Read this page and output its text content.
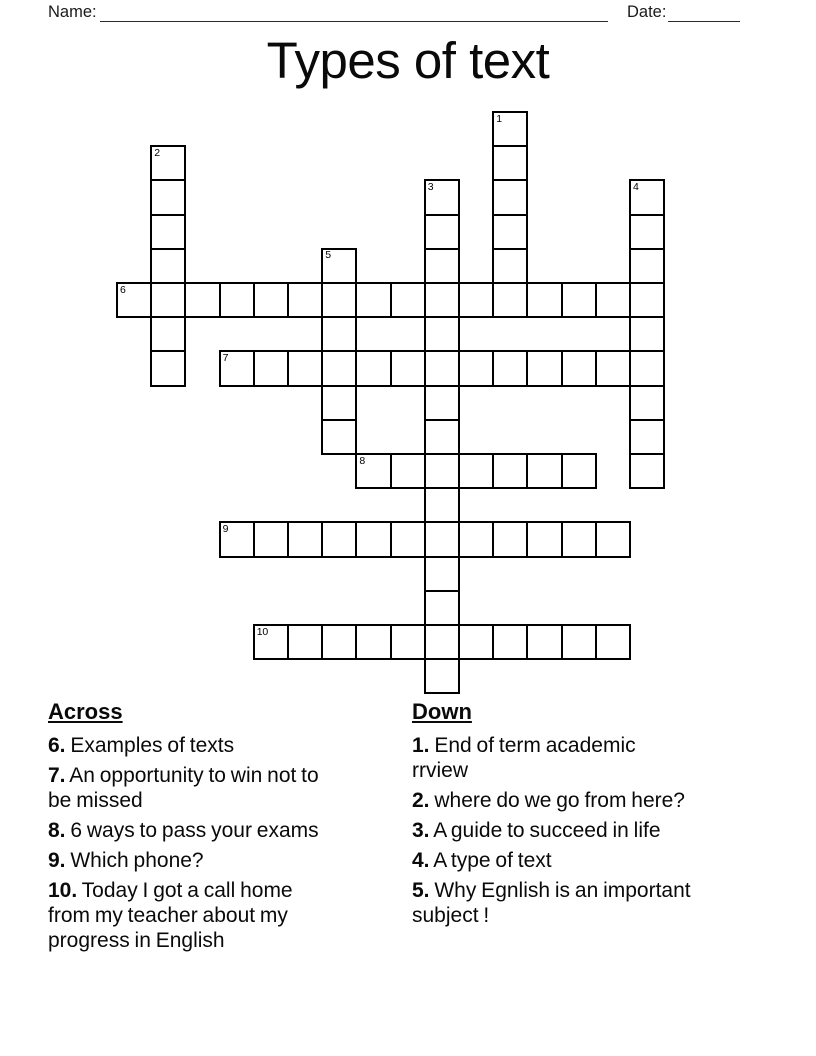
Name:	Date:
Types of text
1
2
3	4
5
6
7
8
9
10
Across

6. Examples of texts

7. An opportunity to win not to be missed

8. 6 ways to pass your exams

9. Which phone?

10. Today I got a call home from my teacher about my progress in English

Down

1. End of term academic rrview

2. where do we go from here?

3. A guide to succeed in life

4. A type of text

5. Why Egnlish is an important subject !
